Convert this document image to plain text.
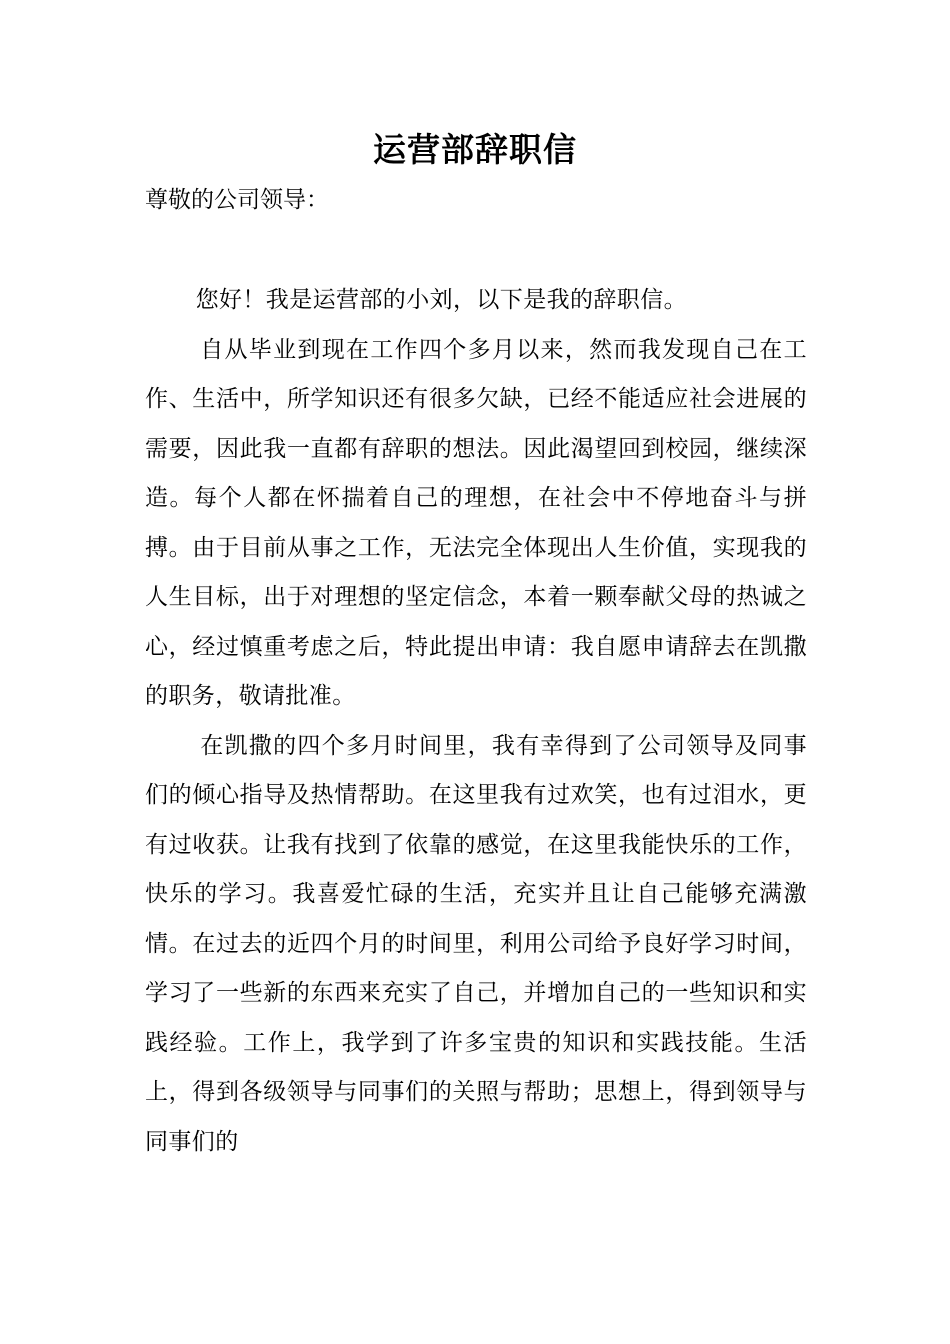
运营部辞职信
尊敬的公司领导：

您好！我是运营部的小刘，以下是我的辞职信。

自从毕业到现在工作四个多月以来，然而我发现自己在工作、生活中，所学知识还有很多欠缺，已经不能适应社会进展的需要，因此我一直都有辞职的想法。因此渴望回到校园，继续深造。每个人都在怀揣着自己的理想，在社会中不停地奋斗与拼搏。由于目前从事之工作，无法完全体现出人生价值，实现我的人生目标，出于对理想的坚定信念，本着一颗奉献父母的热诚之心，经过慎重考虑之后，特此提出申请：我自愿申请辞去在凯撒的职务，敬请批准。

在凯撒的四个多月时间里，我有幸得到了公司领导及同事们的倾心指导及热情帮助。在这里我有过欢笑，也有过泪水，更有过收获。让我有找到了依靠的感觉，在这里我能快乐的工作，快乐的学习。我喜爱忙碌的生活，充实并且让自己能够充满激情。在过去的近四个月的时间里，利用公司给予良好学习时间，学习了一些新的东西来充实了自己，并增加自己的一些知识和实践经验。工作上，我学到了许多宝贵的知识和实践技能。生活上，得到各级领导与同事们的关照与帮助；思想上，得到领导与同事们的
